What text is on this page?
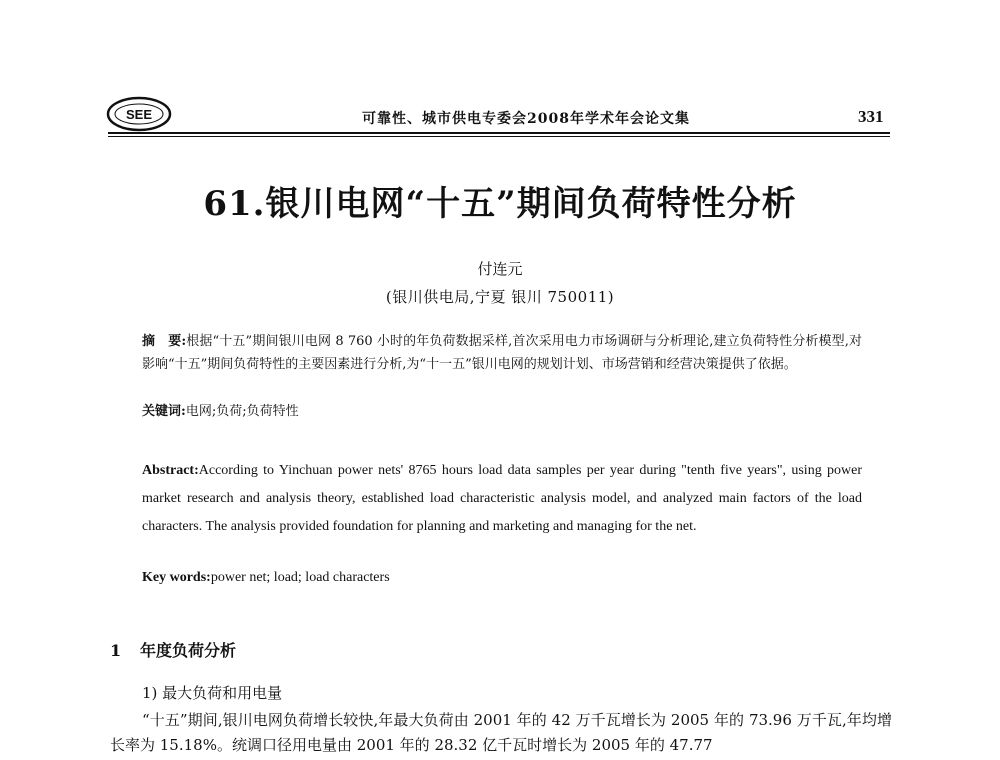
SEE	可靠性、城市供电专委会2008年学术年会论文集	331
61.银川电网“十五”期间负荷特性分析
付连元
(银川供电局,宁夏 银川 750011)
摘　要:根据“十五”期间银川电网 8 760 小时的年负荷数据采样,首次采用电力市场调研与分析理论,建立负荷特性分析模型,对影响“十五”期间负荷特性的主要因素进行分析,为“十一五”银川电网的规划计划、市场营销和经营决策提供了依据。
关键词:电网;负荷;负荷特性
Abstract:According to Yinchuan power nets' 8765 hours load data samples per year during "tenth five years", using power market research and analysis theory, established load characteristic analysis model, and analyzed main factors of the load characters. The analysis provided foundation for planning and marketing and managing for the net.
Key words:power net; load; load characters
1 年度负荷分析
1) 最大负荷和用电量
“十五”期间,银川电网负荷增长较快,年最大负荷由 2001 年的 42 万千瓦增长为 2005 年的 73.96 万千瓦,年均增长率为 15.18%。统调口径用电量由 2001 年的 28.32 亿千瓦时增长为 2005 年的 47.77
